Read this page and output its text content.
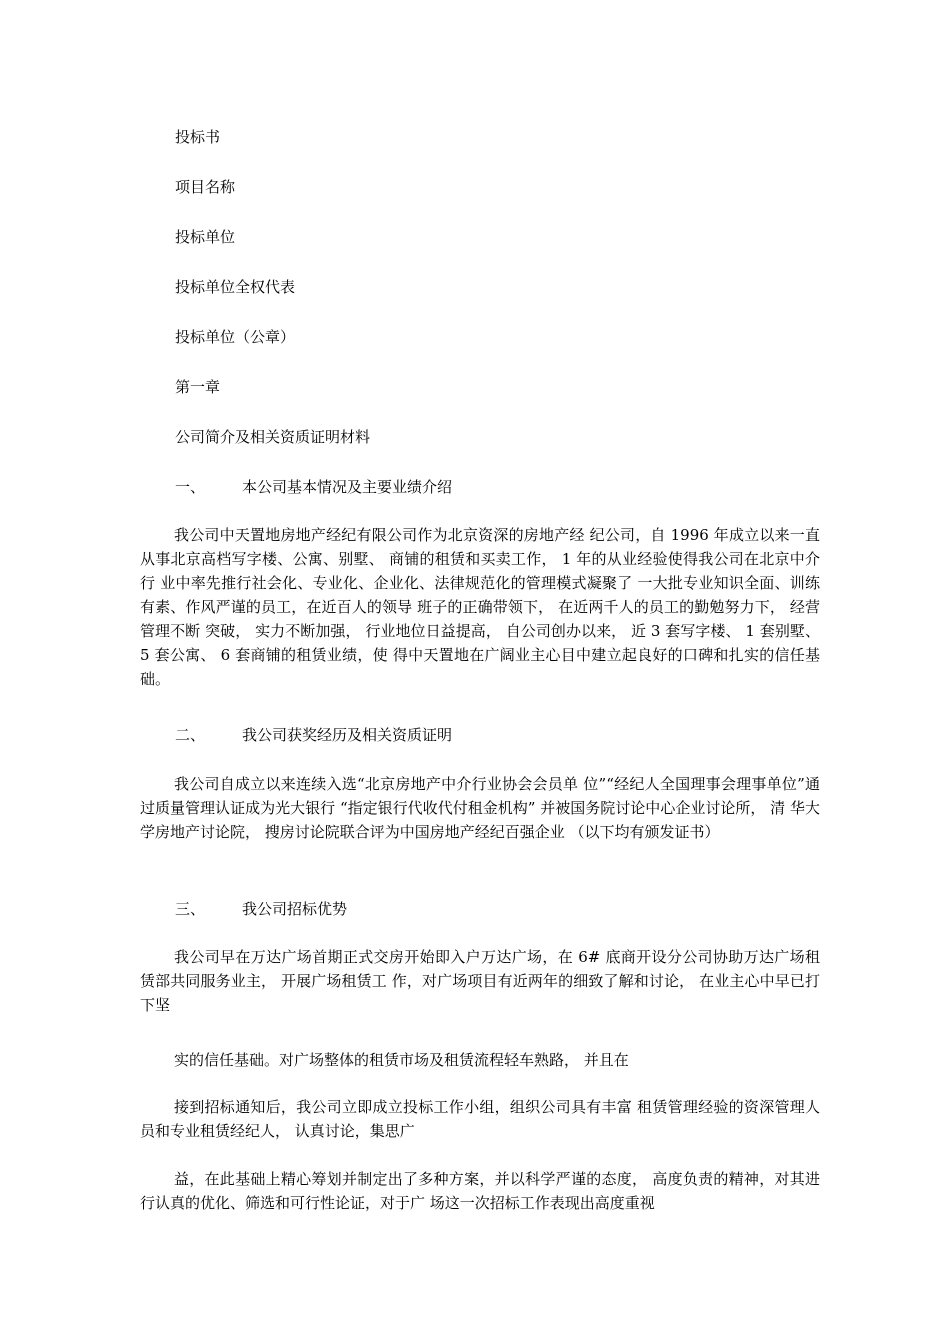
投标书
项目名称
投标单位
投标单位全权代表
投标单位（公章）
第一章
公司简介及相关资质证明材料
一、 本公司基本情况及主要业绩介绍
我公司中天置地房地产经纪有限公司作为北京资深的房地产经 纪公司，自 1996 年成立以来一直从事北京高档写字楼、公寓、别墅、 商铺的租赁和买卖工作， 1 年的从业经验使得我公司在北京中介行 业中率先推行社会化、专业化、企业化、法律规范化的管理模式凝聚了 一大批专业知识全面、训练有素、作风严谨的员工，在近百人的领导 班子的正确带领下， 在近两千人的员工的勤勉努力下， 经营管理不断 突破， 实力不断加强， 行业地位日益提高， 自公司创办以来， 近 3 套写字楼、 1 套别墅、 5 套公寓、 6 套商铺的租赁业绩，使 得中天置地在广阔业主心目中建立起良好的口碑和扎实的信任基础。
二、 我公司获奖经历及相关资质证明
我公司自成立以来连续入选“北京房地产中介行业协会会员单 位”“经纪人全国理事会理事单位”通过质量管理认证成为光大银行 “指定银行代收代付租金机构” 并被国务院讨论中心企业讨论所， 清 华大学房地产讨论院， 搜房讨论院联合评为中国房地产经纪百强企业 （以下均有颁发证书）
三、 我公司招标优势
我公司早在万达广场首期正式交房开始即入户万达广场，在 6# 底商开设分公司协助万达广场租赁部共同服务业主， 开展广场租赁工 作，对广场项目有近两年的细致了解和讨论， 在业主心中早已打下坚
实的信任基础。对广场整体的租赁市场及租赁流程轻车熟路， 并且在
接到招标通知后，我公司立即成立投标工作小组，组织公司具有丰富 租赁管理经验的资深管理人员和专业租赁经纪人， 认真讨论，集思广
益，在此基础上精心筹划并制定出了多种方案，并以科学严谨的态度， 高度负责的精神，对其进行认真的优化、筛选和可行性论证，对于广 场这一次招标工作表现出高度重视
